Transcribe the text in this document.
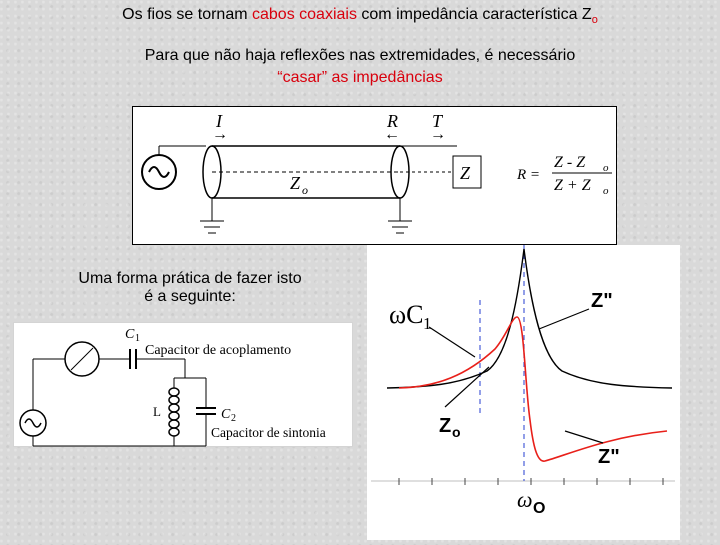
Os fios se tornam cabos coaxiais com impedância característica $Z_o$
Para que não haja reflexões nas extremidades, é necessário
“casar” as impedâncias
I
→
R
←
T
→
Z o
Z	R =
Z - Z o
Z + Z o
Uma forma prática de fazer isto
é a seguinte:
C 1
Capacitor de acoplamento
L	C 2
Capacitor de sintonia
ωC 1
Z"
Z o
Z"
ω O
